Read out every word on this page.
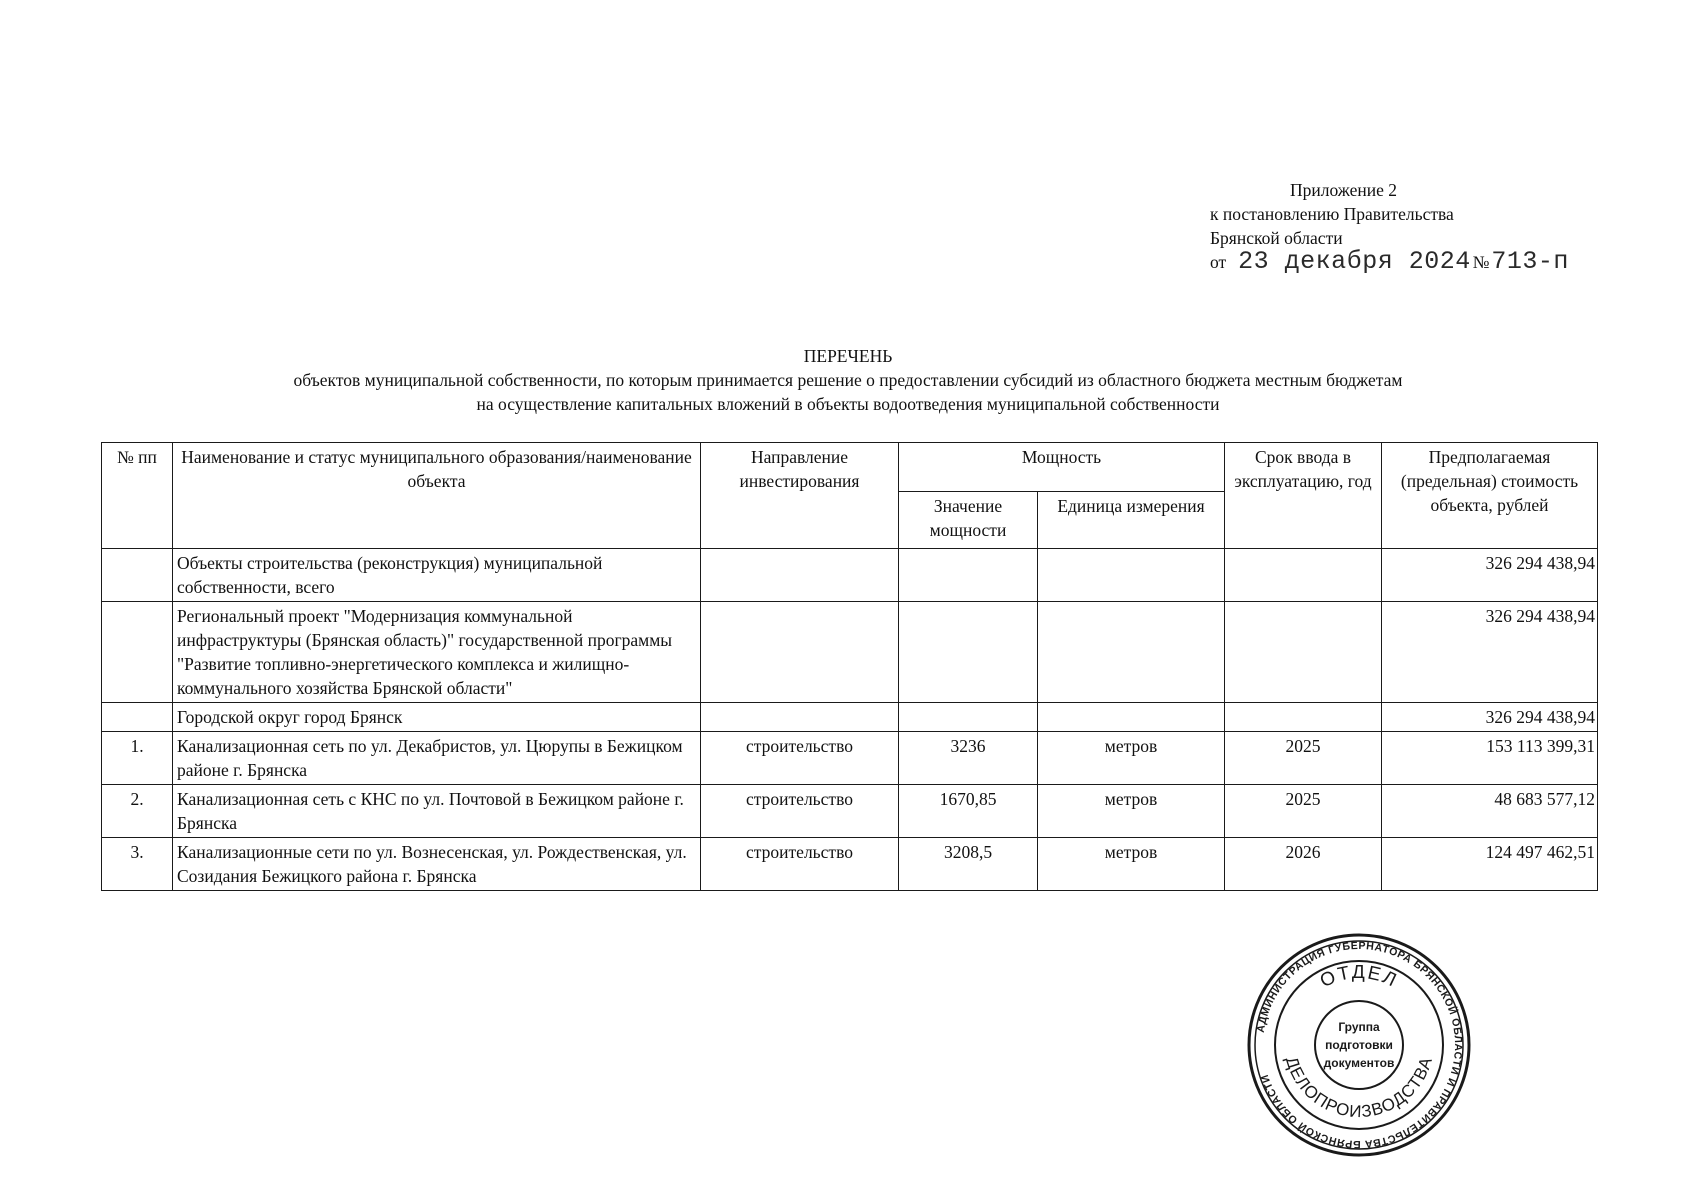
Приложение 2
к постановлению Правительства
Брянской области
от 23 декабря 2024 № 713-п
ПЕРЕЧЕНЬ
объектов муниципальной собственности, по которым принимается решение о предоставлении субсидий из областного бюджета местным бюджетам
на осуществление капитальных вложений в объекты водоотведения муниципальной собственности
№ пп	Наименование и статус муниципального образования/наименование объекта	Направление инвестирования	Мощность		Срок ввода в эксплуатацию, год	Предполагаемая (предельная) стоимость объекта, рублей
			Значение мощности	Единица измерения		
	Объекты строительства (реконструкция) муниципальной собственности, всего					326 294 438,94
	Региональный проект "Модернизация коммунальной инфраструктуры (Брянская область)" государственной программы "Развитие топливно-энергетического комплекса и жилищно-коммунального хозяйства Брянской области"					326 294 438,94
	Городской округ город Брянск					326 294 438,94
1.	Канализационная сеть по ул. Декабристов, ул. Цюрупы в Бежицком районе г. Брянска	строительство	3236	метров	2025	153 113 399,31
2.	Канализационная сеть с КНС по ул. Почтовой в Бежицком районе г. Брянска	строительство	1670,85	метров	2025	48 683 577,12
3.	Канализационные сети по ул. Вознесенская, ул. Рождественская, ул. Созидания Бежицкого района г. Брянска	строительство	3208,5	метров	2026	124 497 462,51
АДМИНИСТРАЦИЯ ГУБЕРНАТОРА БРЯНСКОЙ ОБЛАСТИ И ПРАВИТЕЛЬСТВА БРЯНСКОЙ ОБЛАСТИ
ОТДЕЛ
ДЕЛОПРОИЗВОДСТВА
Группа
подготовки
документов
